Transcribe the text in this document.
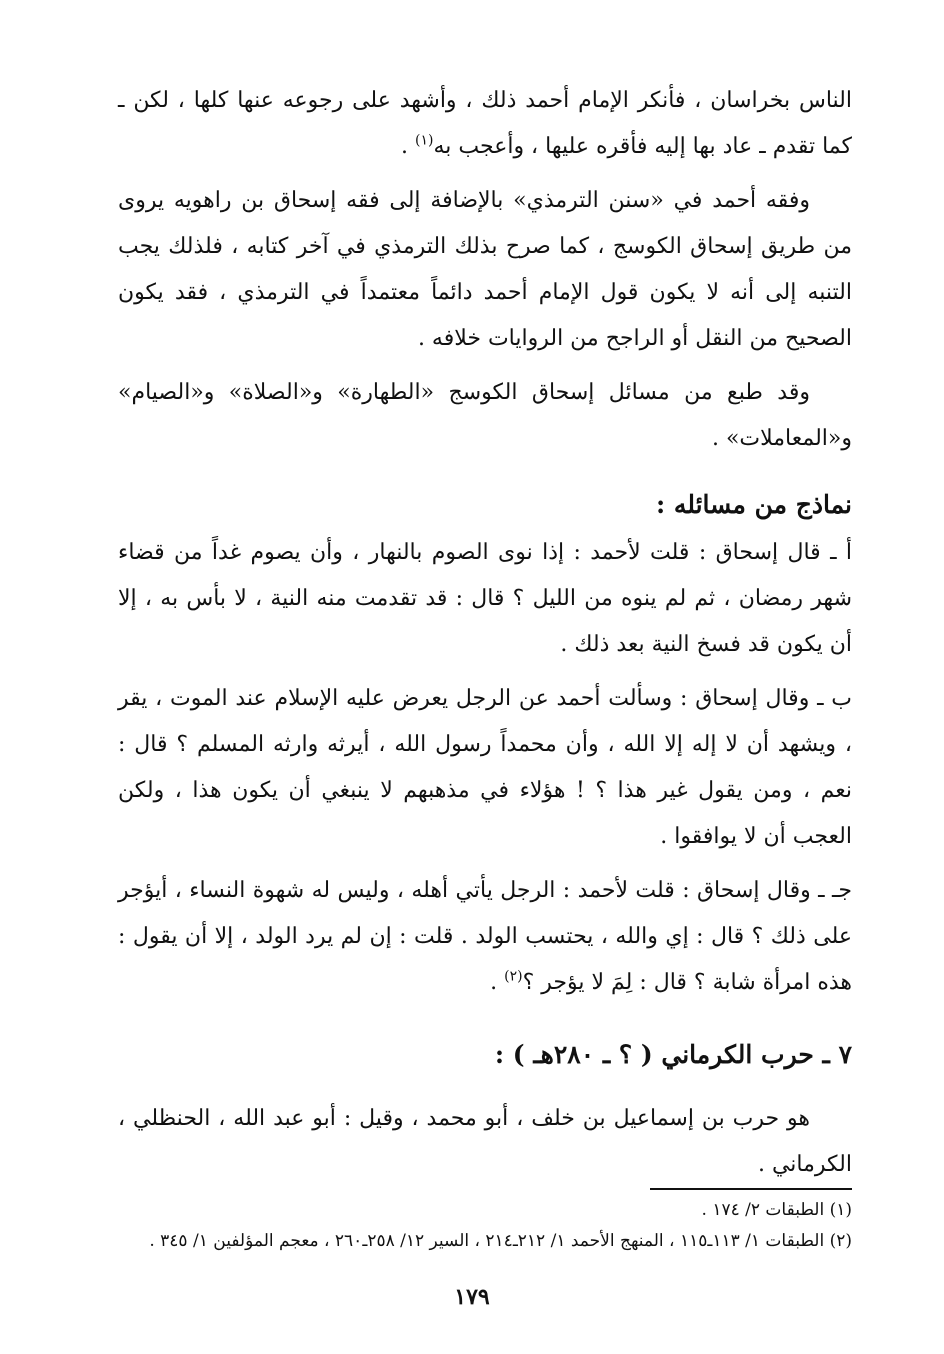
الناس بخراسان ، فأنكر الإمام أحمد ذلك ، وأشهد على رجوعه عنها كلها ، لكن ـ كما تقدم ـ عاد بها إليه فأقره عليها ، وأعجب به$^{(١)}$ .

وفقه أحمد في «سنن الترمذي» بالإضافة إلى فقه إسحاق بن راهويه يروى من طريق إسحاق الكوسج ، كما صرح بذلك الترمذي في آخر كتابه ، فلذلك يجب التنبه إلى أنه لا يكون قول الإمام أحمد دائماً معتمداً في الترمذي ، فقد يكون الصحيح من النقل أو الراجح من الروايات خلافه .

وقد طبع من مسائل إسحاق الكوسج «الطهارة» و«الصلاة» و«الصيام» و«المعاملات» .

نماذج من مسائله :

أ ـ قال إسحاق : قلت لأحمد : إذا نوى الصوم بالنهار ، وأن يصوم غداً من قضاء شهر رمضان ، ثم لم ينوه من الليل ؟ قال : قد تقدمت منه النية ، لا بأس به ، إلا أن يكون قد فسخ النية بعد ذلك .

ب ـ وقال إسحاق : وسألت أحمد عن الرجل يعرض عليه الإسلام عند الموت ، يقر ، ويشهد أن لا إله إلا الله ، وأن محمداً رسول الله ، أيرثه وارثه المسلم ؟ قال : نعم ، ومن يقول غير هذا ؟ ! هؤلاء في مذهبهم لا ينبغي أن يكون هذا ، ولكن العجب أن لا يوافقوا .

جـ ـ وقال إسحاق : قلت لأحمد : الرجل يأتي أهله ، وليس له شهوة النساء ، أيؤجر على ذلك ؟ قال : إي والله ، يحتسب الولد . قلت : إن لم يرد الولد ، إلا أن يقول : هذه امرأة شابة ؟ قال : لِمَ لا يؤجر ؟$^{(٢)}$ .

٧ ـ حرب الكرماني ( ؟ ـ ٢٨٠هـ ) :

هو حرب بن إسماعيل بن خلف ، أبو محمد ، وقيل : أبو عبد الله ، الحنظلي ، الكرماني .

(١) الطبقات ٢/ ١٧٤ .

(٢) الطبقات ١/ ١١٣ـ١١٥ ، المنهج الأحمد ١/ ٢١٢ـ٢١٤ ، السير ١٢/ ٢٥٨ـ٢٦٠ ، معجم المؤلفين ١/ ٣٤٥ .

١٧٩
